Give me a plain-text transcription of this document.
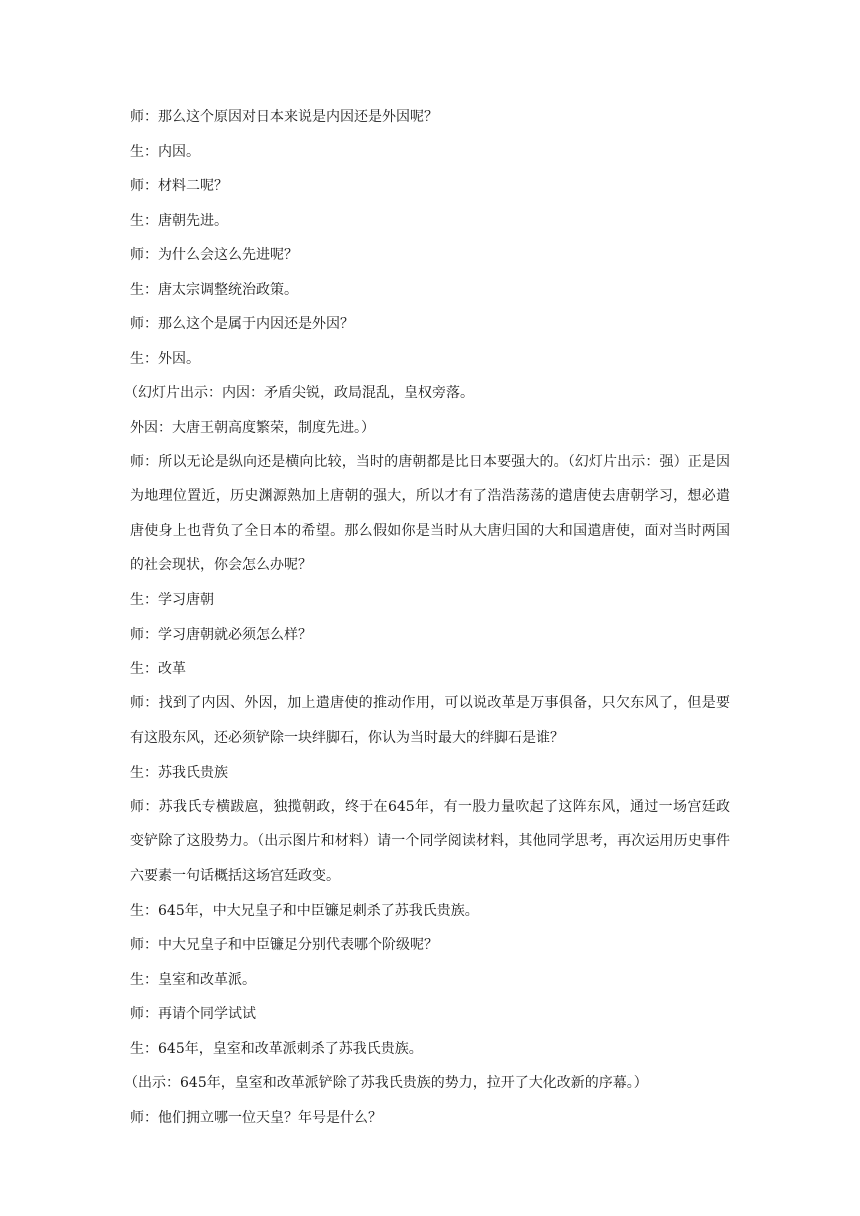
师：那么这个原因对日本来说是内因还是外因呢？
生：内因。
师：材料二呢？
生：唐朝先进。
师：为什么会这么先进呢？
生：唐太宗调整统治政策。
师：那么这个是属于内因还是外因？
生：外因。
（幻灯片出示：内因：矛盾尖锐，政局混乱，皇权旁落。
外因：大唐王朝高度繁荣，制度先进。）
师：所以无论是纵向还是横向比较，当时的唐朝都是比日本要强大的。（幻灯片出示：强）正是因为地理位置近，历史渊源熟加上唐朝的强大，所以才有了浩浩荡荡的遣唐使去唐朝学习，想必遣唐使身上也背负了全日本的希望。那么假如你是当时从大唐归国的大和国遣唐使，面对当时两国的社会现状，你会怎么办呢？
生：学习唐朝
师：学习唐朝就必须怎么样？
生：改革
师：找到了内因、外因，加上遣唐使的推动作用，可以说改革是万事俱备，只欠东风了，但是要有这股东风，还必须铲除一块绊脚石，你认为当时最大的绊脚石是谁？
生：苏我氏贵族
师：苏我氏专横跋扈，独揽朝政，终于在645年，有一股力量吹起了这阵东风，通过一场宫廷政变铲除了这股势力。（出示图片和材料）请一个同学阅读材料，其他同学思考，再次运用历史事件六要素一句话概括这场宫廷政变。
生：645年，中大兄皇子和中臣镰足刺杀了苏我氏贵族。
师：中大兄皇子和中臣镰足分别代表哪个阶级呢？
生：皇室和改革派。
师：再请个同学试试
生：645年，皇室和改革派刺杀了苏我氏贵族。
（出示：645年，皇室和改革派铲除了苏我氏贵族的势力，拉开了大化改新的序幕。）
师：他们拥立哪一位天皇？年号是什么？
